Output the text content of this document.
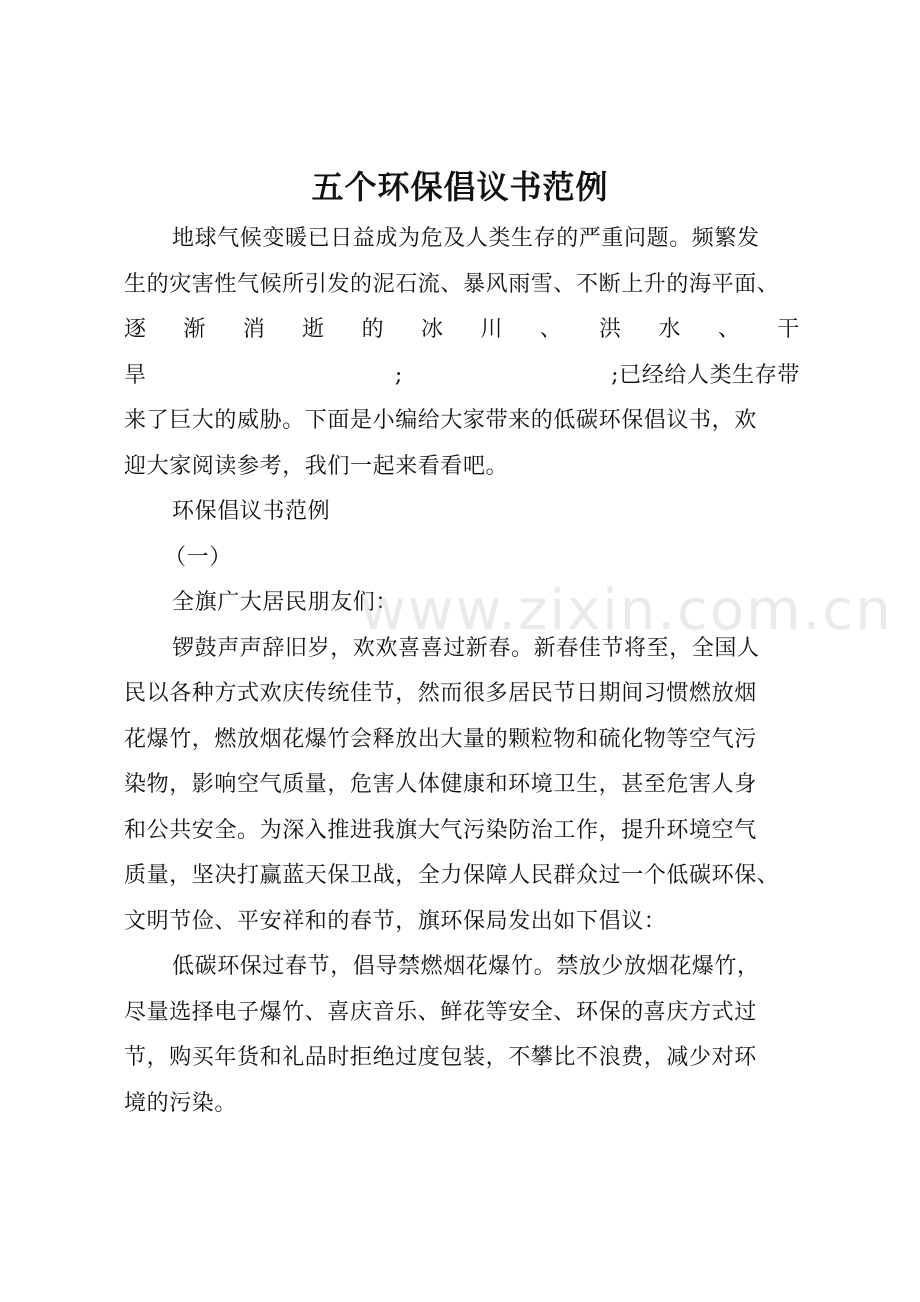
五个环保倡议书范例

地球气候变暖已日益成为危及人类生存的严重问题。频繁发

生的灾害性气候所引发的泥石流、暴风雨雪、不断上升的海平面、

逐 渐 消 逝 的 冰 川 、 洪 水 、 干
旱	;	;已经给人类生存带

来了巨大的威胁。下面是小编给大家带来的低碳环保倡议书，欢

迎大家阅读参考，我们一起来看看吧。

环保倡议书范例

（一）

全旗广大居民朋友们：

锣鼓声声辞旧岁，欢欢喜喜过新春。新春佳节将至，全国人

民以各种方式欢庆传统佳节，然而很多居民节日期间习惯燃放烟

花爆竹，燃放烟花爆竹会释放出大量的颗粒物和硫化物等空气污

染物，影响空气质量，危害人体健康和环境卫生，甚至危害人身

和公共安全。为深入推进我旗大气污染防治工作，提升环境空气

质量，坚决打赢蓝天保卫战，全力保障人民群众过一个低碳环保、

文明节俭、平安祥和的春节，旗环保局发出如下倡议：

低碳环保过春节，倡导禁燃烟花爆竹。禁放少放烟花爆竹，

尽量选择电子爆竹、喜庆音乐、鲜花等安全、环保的喜庆方式过

节，购买年货和礼品时拒绝过度包装，不攀比不浪费，减少对环

境的污染。

www.zixin.com.cn
